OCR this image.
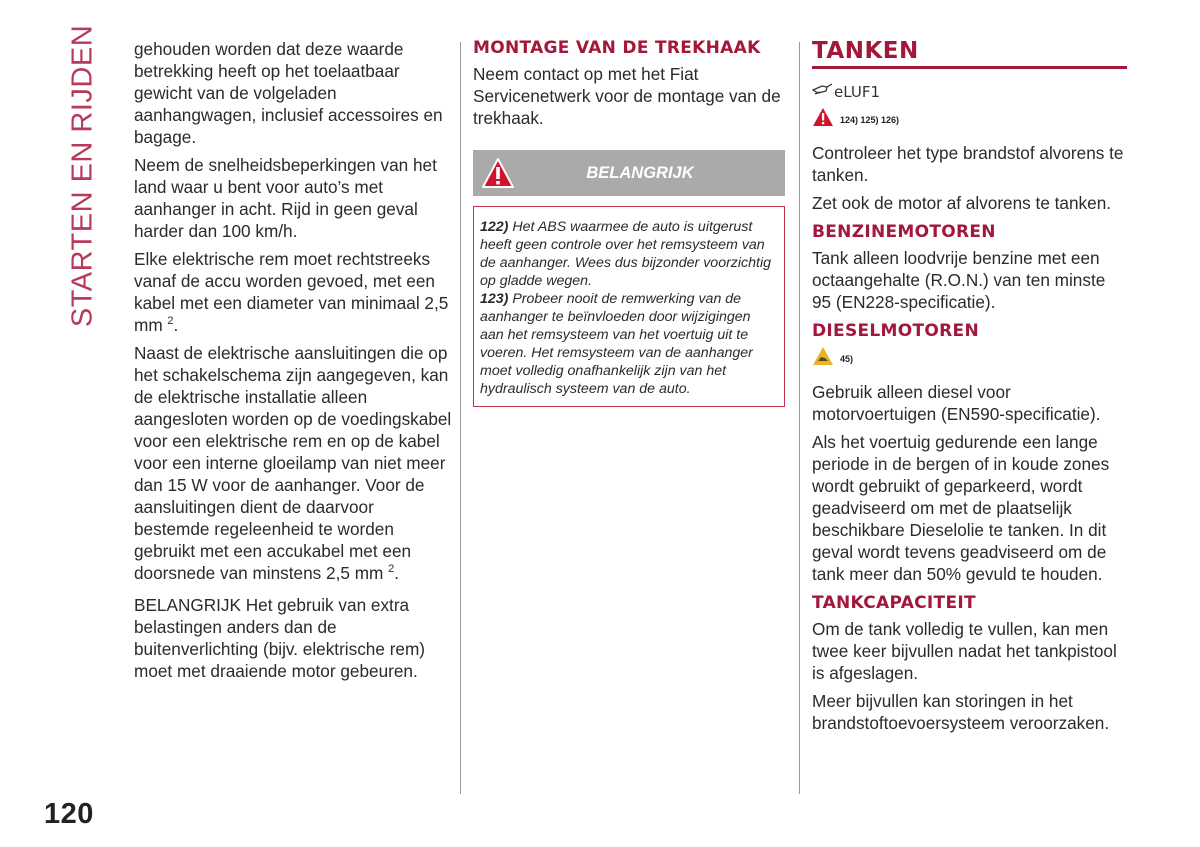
STARTEN EN RIJDEN gehouden worden dat deze waarde betrekking heeft op het toelaatbaar gewicht van de volgeladen aanhangwagen, inclusief accessoires en bagage.

Neem de snelheidsbeperkingen van het land waar u bent voor auto’s met aanhanger in acht. Rijd in geen geval harder dan 100 km/h.

Elke elektrische rem moet rechtstreeks vanaf de accu worden gevoed, met een kabel met een diameter van minimaal 2,5 mm $^2$.

Naast de elektrische aansluitingen die op het schakelschema zijn aangegeven, kan de elektrische installatie alleen aangesloten worden op de voedingskabel voor een elektrische rem en op de kabel voor een interne gloeilamp van niet meer dan 15 W voor de aanhanger. Voor de aansluitingen dient de daarvoor bestemde regeleenheid te worden gebruikt met een accukabel met een doorsnede van minstens 2,5 mm $^2$.

BELANGRIJK Het gebruik van extra belastingen anders dan de buitenverlichting (bijv. elektrische rem) moet met draaiende motor gebeuren.

MONTAGE VAN DE TREKHAAK

Neem contact op met het Fiat Servicenetwerk voor de montage van de trekhaak.

BELANGRIJK

122) Het ABS waarmee de auto is uitgerust heeft geen controle over het remsysteem van de aanhanger. Wees dus bijzonder voorzichtig op gladde wegen.

123) Probeer nooit de remwerking van de aanhanger te beïnvloeden door wijzigingen aan het remsysteem van het voertuig uit te voeren. Het remsysteem van de aanhanger moet volledig onafhankelijk zijn van het hydraulisch systeem van de auto.

TANKEN
eLUF1
124) 125) 126)

Controleer het type brandstof alvorens te tanken.

Zet ook de motor af alvorens te tanken.

BENZINEMOTOREN

Tank alleen loodvrije benzine met een octaangehalte (R.O.N.) van ten minste 95 (EN228-specificatie).

DIESELMOTOREN
45)

Gebruik alleen diesel voor motorvoertuigen (EN590-specificatie).

Als het voertuig gedurende een lange periode in de bergen of in koude zones wordt gebruikt of geparkeerd, wordt geadviseerd om met de plaatselijk beschikbare Dieselolie te tanken. In dit geval wordt tevens geadviseerd om de tank meer dan 50% gevuld te houden.

TANKCAPACITEIT

Om de tank volledig te vullen, kan men twee keer bijvullen nadat het tankpistool is afgeslagen.

Meer bijvullen kan storingen in het brandstoftoevoersysteem veroorzaken.

120
